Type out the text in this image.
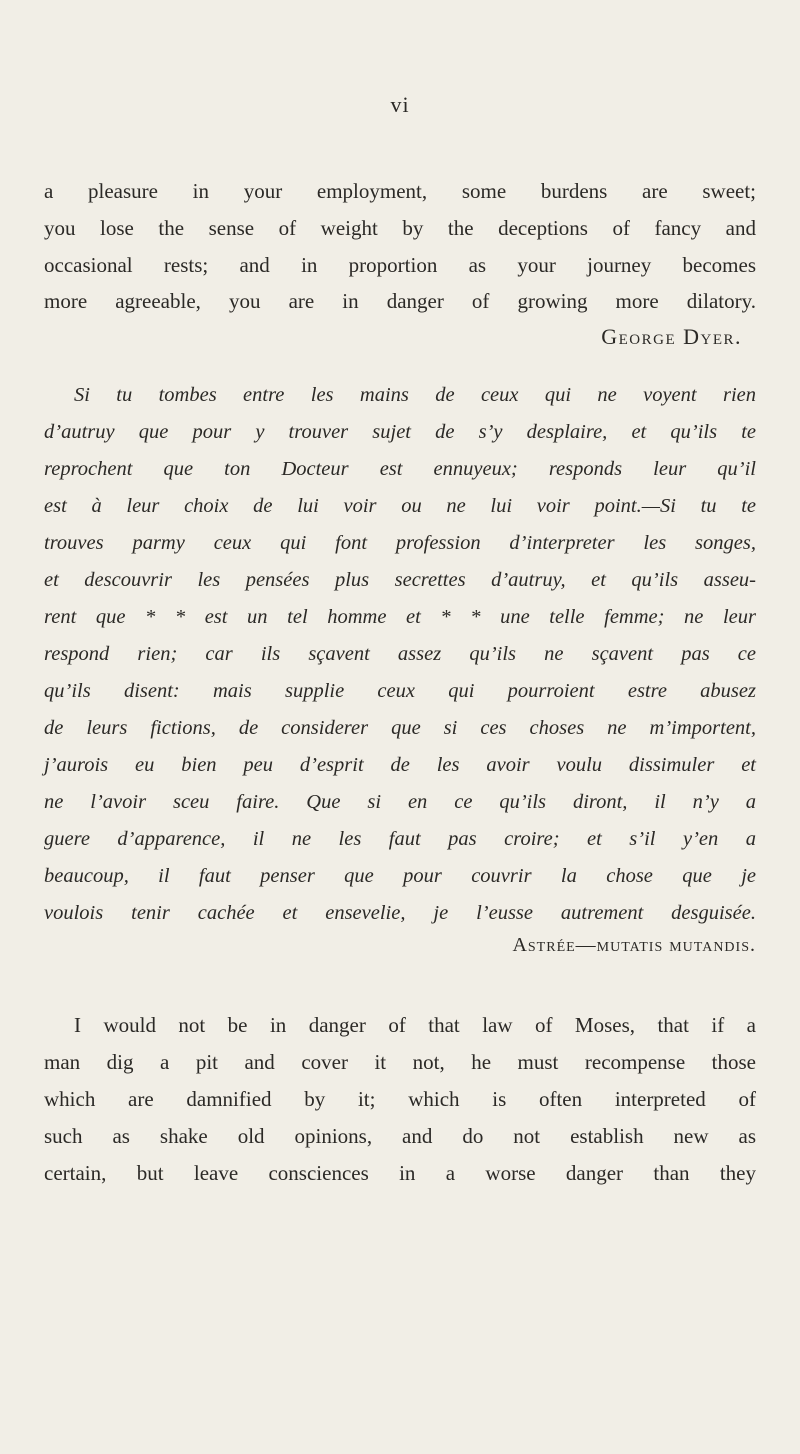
vi

a pleasure in your employment, some burdens are sweet;

you lose the sense of weight by the deceptions of fancy and

occasional rests; and in proportion as your journey becomes

more agreeable, you are in danger of growing more dilatory.

George Dyer.

Si tu tombes entre les mains de ceux qui ne voyent rien

d’autruy que pour y trouver sujet de s’y desplaire, et qu’ils te

reprochent que ton Docteur est ennuyeux; responds leur qu’il

est à leur choix de lui voir ou ne lui voir point.—Si tu te

trouves parmy ceux qui font profession d’interpreter les songes,

et descouvrir les pensées plus secrettes d’autruy, et qu’ils asseu-

rent que * * est un tel homme et * * une telle femme; ne leur

respond rien; car ils sçavent assez qu’ils ne sçavent pas ce

qu’ils disent: mais supplie ceux qui pourroient estre abusez

de leurs fictions, de considerer que si ces choses ne m’importent,

j’aurois eu bien peu d’esprit de les avoir voulu dissimuler et

ne l’avoir sceu faire. Que si en ce qu’ils diront, il n’y a

guere d’apparence, il ne les faut pas croire; et s’il y’en a

beaucoup, il faut penser que pour couvrir la chose que je

voulois tenir cachée et ensevelie, je l’eusse autrement desguisée.

Astrée—mutatis mutandis.

I would not be in danger of that law of Moses, that if a

man dig a pit and cover it not, he must recompense those

which are damnified by it; which is often interpreted of

such as shake old opinions, and do not establish new as

certain, but leave consciences in a worse danger than they
